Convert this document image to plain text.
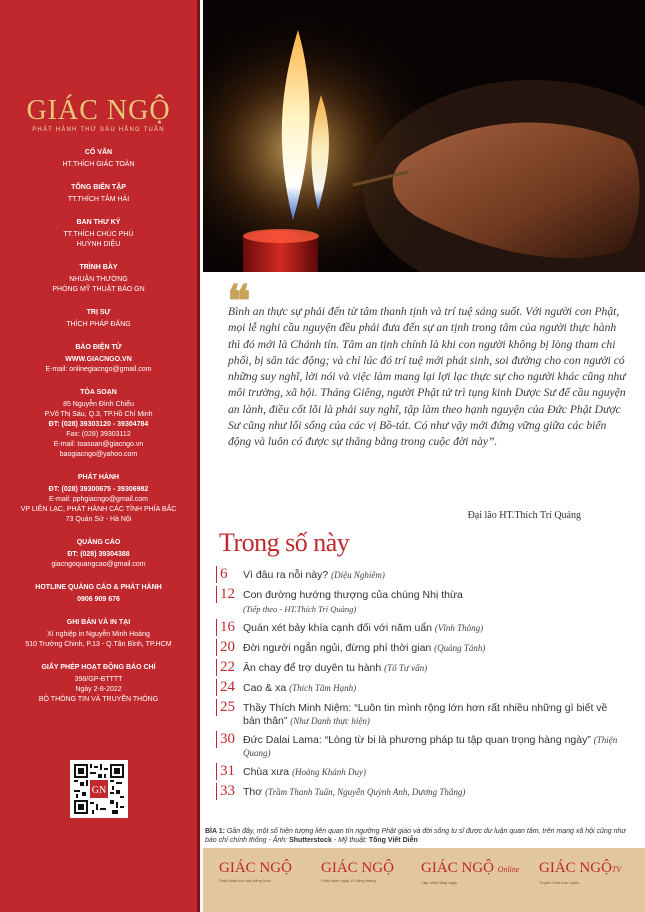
GIÁC NGỘ
PHÁT HÀNH THỨ SÁU HẰNG TUẦN
CỐ VẤN
HT.THÍCH GIÁC TOÀN
TỔNG BIÊN TẬP
TT.THÍCH TÂM HẢI
BAN THƯ KÝ
TT.THÍCH CHÚC PHÚ
HUỲNH DIỆU
TRÌNH BÀY
NHUẬN THƯỜNG
PHÒNG MỸ THUẬT BÁO GN
TRỊ SỰ
THÍCH PHÁP ĐĂNG
BÁO ĐIỆN TỬ
WWW.GIACNGO.VN
E-mail: onlinegiacngo@gmail.com
TÒA SOẠN
85 Nguyễn Đình Chiểu
P.Võ Thị Sáu, Q.3, TP.Hồ Chí Minh
ĐT: (028) 39303120 - 39304784
Fax: (028) 39303112
E-mail: toasoan@giacngo.vn
baogiacngo@yahoo.com
PHÁT HÀNH
ĐT: (028) 39300675 - 39306982
E-mail: pphgiacngo@gmail.com
VP LIÊN LẠC, PHÁT HÀNH CÁC TỈNH PHÍA BẮC
73 Quán Sứ - Hà Nội
QUẢNG CÁO
ĐT: (028) 39304388
giacngoquangcao@gmail.com
HOTLINE QUẢNG CÁO & PHÁT HÀNH
0906 909 676
GHI BẢN VÀ IN TẠI
Xí nghiệp in Nguyễn Minh Hoàng
510 Trường Chinh, P.13 - Q.Tân Bình, TP.HCM
GIẤY PHÉP HOẠT ĐỘNG BÁO CHÍ
398/GP-BTTTT
Ngày 2-8-2022
BỘ THÔNG TIN VÀ TRUYỀN THÔNG
GN
❝
Bình an thực sự phải đến từ tâm thanh tịnh và trí tuệ sáng suốt. Với người con Phật, mọi lễ nghi cầu nguyện đều phải đưa đến sự an tịnh trong tâm của người thực hành thì đó mới là Chánh tín. Tâm an tịnh chính là khi con người không bị lòng tham chi phối, bị sân tác động; và chỉ lúc đó trí tuệ mới phát sinh, soi đường cho con người có những suy nghĩ, lời nói và việc làm mang lại lợi lạc thực sự cho người khác cũng như môi trường, xã hội. Tháng Giêng, người Phật tử trì tụng kinh Dược Sư để cầu nguyện an lành, điều cốt lõi là phải suy nghĩ, tập làm theo hạnh nguyện của Đức Phật Dược Sư cũng như lối sống của các vị Bồ-tát. Có như vậy mới đứng vững giữa các biến động và luôn có được sự thăng bằng trong cuộc đời này”.
Đại lão HT.Thích Trí Quảng
Trong số này
6	Vì đâu ra nỗi này? (Diệu Nghiêm)
12 Con đường hướng thượng của chúng Nhị thừa
(Tiếp theo - HT.Thích Trí Quảng)
16 Quán xét bảy khía cạnh đối với năm uẩn (Vĩnh Thông)
20 Đời người ngắn ngủi, đừng phí thời gian (Quảng Tánh)
22 Ăn chay để trợ duyên tu hành (Tố Tư vấn)
24 Cao & xa (Thích Tâm Hạnh)
25 Thầy Thích Minh Niệm: “Luôn tin mình rộng lớn hơn rất nhiều những gì biết về bản thân” (Như Danh thực hiện)
30 Đức Dalai Lama: “Lòng từ bi là phương pháp tu tập quan trọng hàng ngày” (Thiện Quang)
31 Chùa xưa (Hoàng Khánh Duy)
33 Thơ (Trầm Thanh Tuấn, Nguyễn Quỳnh Anh, Dương Thắng)
BÌA 1: Gần đây, một số hiện tượng liên quan tín ngưỡng Phật giáo và đời sống tu sĩ được dư luận quan tâm, trên mạng xã hội cũng như báo chí chính thống - Ảnh: Shutterstock - Mỹ thuật: Tống Viết Diễn
GIÁC NGỘ
Phát hành thứ sáu hằng tuần
GIÁC NGỘ
Phát hành ngày 15 hằng tháng
GIÁC NGỘ Online
Cập nhật hằng ngày
GIÁC NGỘTV
Truyền hình trực tuyến
